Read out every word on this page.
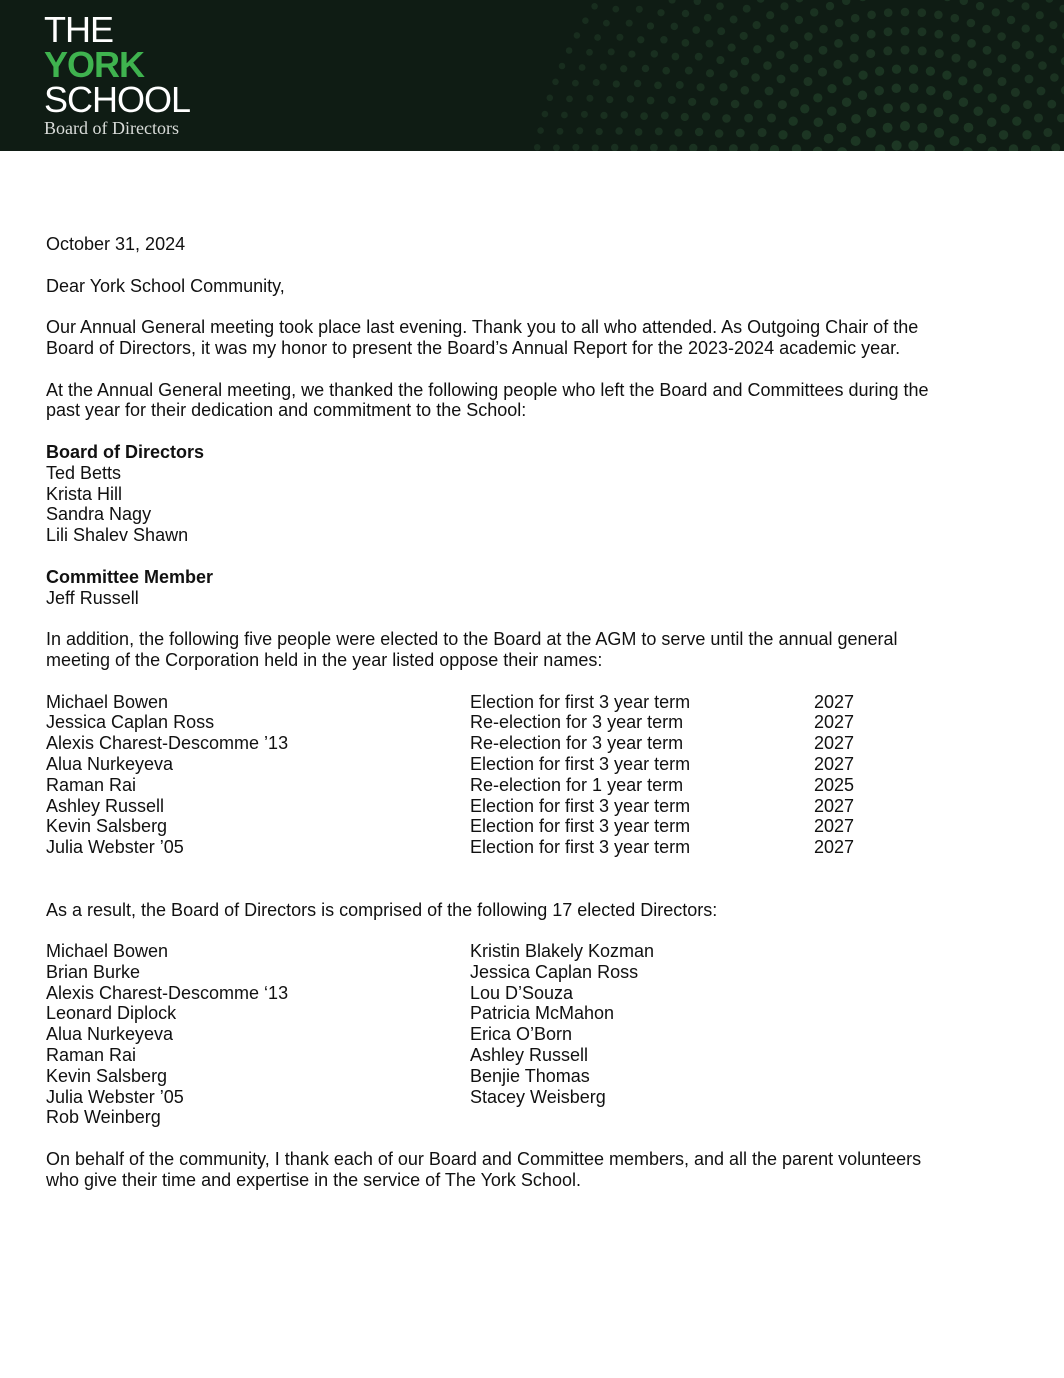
THE
YORK
SCHOOL
Board of Directors

October 31, 2024

Dear York School Community,

Our Annual General meeting took place last evening. Thank you to all who attended. As Outgoing Chair of the

Board of Directors, it was my honor to present the Board’s Annual Report for the 2023-2024 academic year.

At the Annual General meeting, we thanked the following people who left the Board and Committees during the

past year for their dedication and commitment to the School:

Board of Directors

Ted Betts

Krista Hill

Sandra Nagy

Lili Shalev Shawn

Committee Member

Jeff Russell

In addition, the following five people were elected to the Board at the AGM to serve until the annual general

meeting of the Corporation held in the year listed oppose their names:

Michael Bowen	Election for first 3 year term	2027
Jessica Caplan Ross	Re-election for 3 year term	2027
Alexis Charest-Descomme ’13	Re-election for 3 year term	2027
Alua Nurkeyeva	Election for first 3 year term	2027
Raman Rai	Re-election for 1 year term	2025
Ashley Russell	Election for first 3 year term	2027
Kevin Salsberg	Election for first 3 year term	2027
Julia Webster ’05	Election for first 3 year term	2027

As a result, the Board of Directors is comprised of the following 17 elected Directors:

Michael Bowen	Kristin Blakely Kozman
Brian Burke	Jessica Caplan Ross
Alexis Charest-Descomme ‘13	Lou D’Souza
Leonard Diplock	Patricia McMahon
Alua Nurkeyeva	Erica O’Born
Raman Rai	Ashley Russell
Kevin Salsberg	Benjie Thomas
Julia Webster ’05	Stacey Weisberg
Rob Weinberg

On behalf of the community, I thank each of our Board and Committee members, and all the parent volunteers

who give their time and expertise in the service of The York School.
